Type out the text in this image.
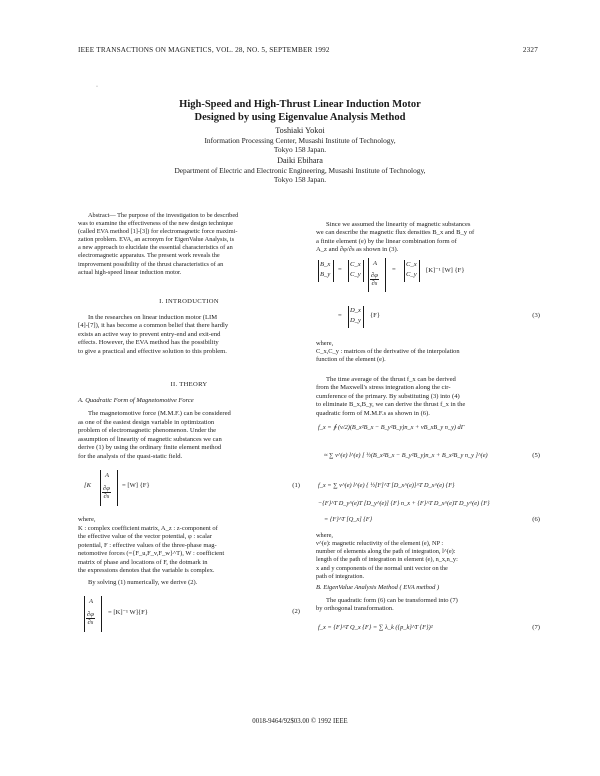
IEEE TRANSACTIONS ON MAGNETICS, VOL. 28, NO. 5, SEPTEMBER 1992	2327
·
High-Speed and High-Thrust Linear Induction Motor
Designed by using Eigenvalue Analysis Method
Toshiaki Yokoi
Information Processing Center, Musashi Institute of Technology,
Tokyo 158 Japan.
Daiki Ebihara
Department of Electric and Electronic Engineering, Musashi Institute of Technology,
Tokyo 158 Japan.
Abstract— The purpose of the investigation to be described
was to examine the effectiveness of the new design technique
(called EVA method [1]-[3]) for electromagnetic force maximi-
zation problem. EVA, an acronym for EigenValue Analysis, is
a new approach to elucidate the essential characteristics of an
electromagnetic apparatus. The present work reveals the
improvement possibility of the thrust characteristics of an
actual high-speed linear induction motor.
I. INTRODUCTION
In the researches on linear induction motor (LIM
[4]-[7]), it has become a common belief that there hardly
exists an active way to prevent entry-end and exit-end
effects. However, the EVA method has the possibility
to give a practical and effective solution to this problem.
II. THEORY
A. Quadratic Form of Magnetomotive Force
The magnetomotive force (M.M.F.) can be considered
as one of the easiest design variable in optimization
problem of electromagnetic phenomenon. Under the
assumption of linearity of magnetic substances we can
derive (1) by using the ordinary finite element method
for the analysis of the quasi-static field.
[K
A
$\frac{\partial\varphi}{\partial s} = [W]$ {F}	(1)
where,
K : complex coefficient matrix, A_z : z-component of
the effective value of the vector potential, φ : scalar
potential, F : effective values of the three-phase mag-
netomotive forces (={F_u,F_v,F_w}^T), W : coefficient
matrix of phase and locations of F, the dotmark in
the expressions denotes that the variable is complex.
By solving (1) numerically, we derive (2).
A
$\frac{\partial\varphi}{\partial s} = [K]^{-1}$ W]{F}	(2)
Since we assumed the linearity of magnetic substances
we can describe the magnetic flux densities B_x and B_y of
a finite element (e) by the linear combination form of
A_z and ∂φ/∂s as shown in (3).
B_x
B_y
=
C_x
C_y
A
$\frac{\partial\varphi}{\partial s}$
=
C_x
C_y
[K]⁻¹ [W] {F}
=
D_x
D_y
{F}	(3)
where,
C_x,C_y : matrices of the derivative of the interpolation
function of the element (e).
The time average of the thrust f_x can be derived
from the Maxwell's stress integration along the cir-
cumference of the primary. By substituting (3) into (4)
to eliminate B_x,B_y, we can derive the thrust f_x in the
quadratic form of M.M.F.s as shown in (6).
f_x = ∮ (ν/2)(B_x²B_x − B_y²B_y)n_x + νB_xB_y n_y) dΓ
≈ ∑ ν^(e) l^(e) [ ½(B_x²B_x − B_y²B_y)n_x + B_x²B_y n_y ]^(e)	(5)
f_x = ∑ ν^(e) l^(e) { ½[F]^T [D_x^(e)]^T D_x^(e) {F}
−{F}^T D_y^(e)T [D_y^(e)] {F} n_x + {F}^T D_x^(e)T D_y^(e) {F}
= {F}^T [Q_x] {F}	(6)
where,
ν^(e): magnetic reluctivity of the element (e), NP :
number of elements along the path of integration, l^(e):
length of the path of integration in element (e), n_x,n_y:
x and y components of the normal unit vector on the
path of integration.
B. EigenValue Analysis Method ( EVA method )
The quadratic form (6) can be transformed into (7)
by orthogonal transformation.
f_x = {F}^T Q_x {F} = ∑ λ_k ({p_k}^T {F})²	(7)
0018-9464/92$03.00 © 1992 IEEE
